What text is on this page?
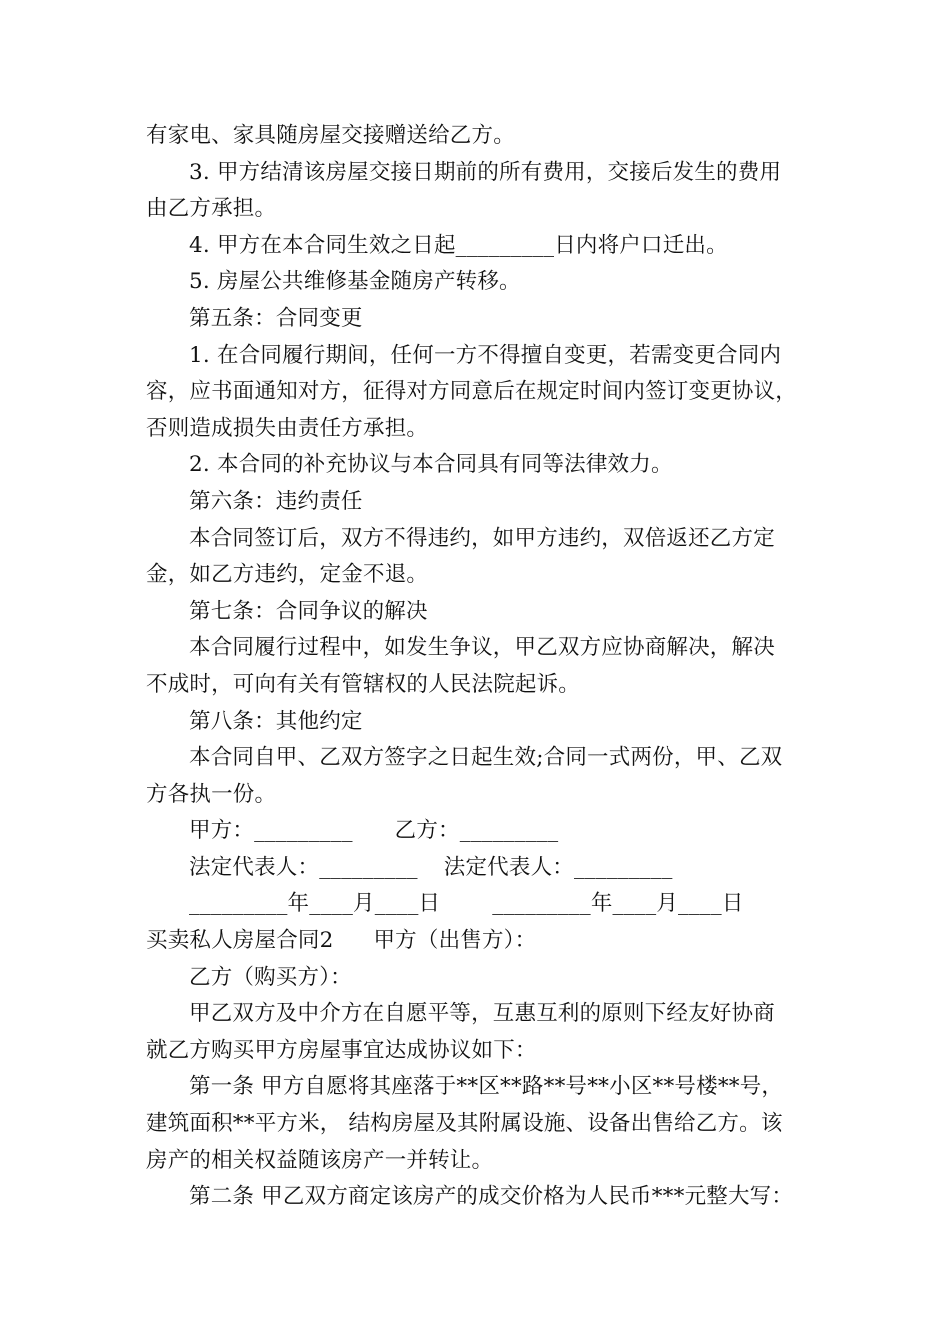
有家电、家具随房屋交接赠送给乙方。
3. 甲方结清该房屋交接日期前的所有费用，交接后发生的费用
由乙方承担。
4. 甲方在本合同生效之日起_________日内将户口迁出。
5. 房屋公共维修基金随房产转移。
第五条：合同变更
1. 在合同履行期间，任何一方不得擅自变更，若需变更合同内
容，应书面通知对方，征得对方同意后在规定时间内签订变更协议，
否则造成损失由责任方承担。
2. 本合同的补充协议与本合同具有同等法律效力。
第六条：违约责任
本合同签订后，双方不得违约，如甲方违约，双倍返还乙方定
金，如乙方违约，定金不退。
第七条：合同争议的解决
本合同履行过程中，如发生争议，甲乙双方应协商解决，解决
不成时，可向有关有管辖权的人民法院起诉。
第八条：其他约定
本合同自甲、乙双方签字之日起生效;合同一式两份，甲、乙双
方各执一份。
甲方：_________ 乙方：_________
法定代表人：_________ 法定代表人：_________
_________年____月____日 _________年____月____日
买卖私人房屋合同2 甲方（出售方）：
乙方（购买方）：
甲乙双方及中介方在自愿平等，互惠互利的原则下经友好协商
就乙方购买甲方房屋事宜达成协议如下：
第一条 甲方自愿将其座落于**区**路**号**小区**号楼**号，
建筑面积**平方米， 结构房屋及其附属设施、设备出售给乙方。该
房产的相关权益随该房产一并转让。
第二条 甲乙双方商定该房产的成交价格为人民币***元整大写：
